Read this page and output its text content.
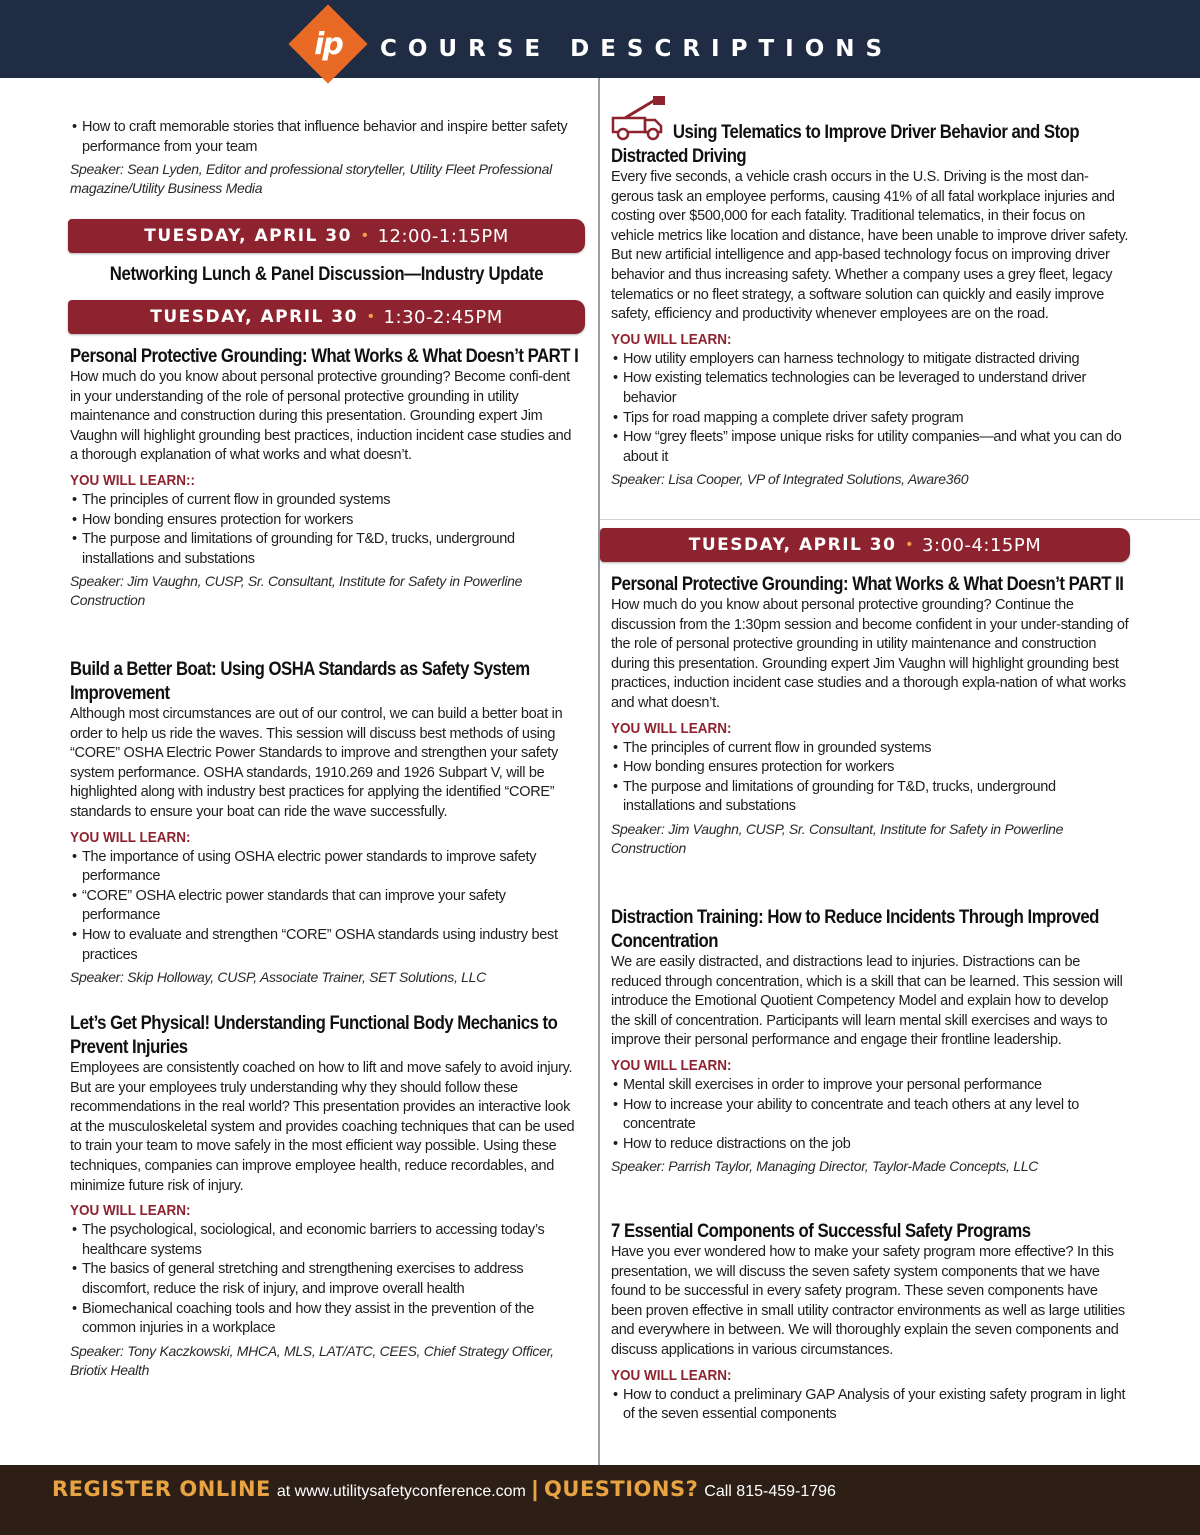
ip	COURSE DESCRIPTIONS
• How to craft memorable stories that influence behavior and inspire better safety performance from your team
Speaker: Sean Lyden, Editor and professional storyteller, Utility Fleet Professional magazine/Utility Business Media
TUESDAY, APRIL 30 • 12:00-1:15PM
Networking Lunch & Panel Discussion—Industry Update
TUESDAY, APRIL 30 • 1:30-2:45PM
Personal Protective Grounding: What Works & What Doesn’t PART I
How much do you know about personal protective grounding? Become confi-dent in your understanding of the role of personal protective grounding in utility maintenance and construction during this presentation. Grounding expert Jim Vaughn will highlight grounding best practices, induction incident case studies and a thorough explanation of what works and what doesn’t.
YOU WILL LEARN::
• The principles of current flow in grounded systems
• How bonding ensures protection for workers
• The purpose and limitations of grounding for T&D, trucks, underground installations and substations
Speaker: Jim Vaughn, CUSP, Sr. Consultant, Institute for Safety in Powerline Construction
Build a Better Boat: Using OSHA Standards as Safety System Improvement
Although most circumstances are out of our control, we can build a better boat in order to help us ride the waves. This session will discuss best methods of using “CORE” OSHA Electric Power Standards to improve and strengthen your safety system performance. OSHA standards, 1910.269 and 1926 Subpart V, will be highlighted along with industry best practices for applying the identified “CORE” standards to ensure your boat can ride the wave successfully.
YOU WILL LEARN:
• The importance of using OSHA electric power standards to improve safety performance
• “CORE” OSHA electric power standards that can improve your safety performance
• How to evaluate and strengthen “CORE” OSHA standards using industry best practices
Speaker: Skip Holloway, CUSP, Associate Trainer, SET Solutions, LLC
Let’s Get Physical! Understanding Functional Body Mechanics to Prevent Injuries
Employees are consistently coached on how to lift and move safely to avoid injury. But are your employees truly understanding why they should follow these recommendations in the real world? This presentation provides an interactive look at the musculoskeletal system and provides coaching techniques that can be used to train your team to move safely in the most efficient way possible. Using these techniques, companies can improve employee health, reduce recordables, and minimize future risk of injury.
YOU WILL LEARN:
• The psychological, sociological, and economic barriers to accessing today’s healthcare systems
• The basics of general stretching and strengthening exercises to address discomfort, reduce the risk of injury, and improve overall health
• Biomechanical coaching tools and how they assist in the prevention of the common injuries in a workplace
Speaker: Tony Kaczkowski, MHCA, MLS, LAT/ATC, CEES, Chief Strategy Officer, Briotix Health
Using Telematics to Improve Driver Behavior and Stop Distracted Driving
Every five seconds, a vehicle crash occurs in the U.S. Driving is the most dan-gerous task an employee performs, causing 41% of all fatal workplace injuries and costing over $500,000 for each fatality. Traditional telematics, in their focus on vehicle metrics like location and distance, have been unable to improve driver safety. But new artificial intelligence and app-based technology focus on improving driver behavior and thus increasing safety. Whether a company uses a grey fleet, legacy telematics or no fleet strategy, a software solution can quickly and easily improve safety, efficiency and productivity whenever employees are on the road.
YOU WILL LEARN:
• How utility employers can harness technology to mitigate distracted driving
• How existing telematics technologies can be leveraged to understand driver behavior
• Tips for road mapping a complete driver safety program
• How “grey fleets” impose unique risks for utility companies—and what you can do about it
Speaker: Lisa Cooper, VP of Integrated Solutions, Aware360
TUESDAY, APRIL 30 • 3:00-4:15PM
Personal Protective Grounding: What Works & What Doesn’t PART II
How much do you know about personal protective grounding? Continue the discussion from the 1:30pm session and become confident in your under-standing of the role of personal protective grounding in utility maintenance and construction during this presentation. Grounding expert Jim Vaughn will highlight grounding best practices, induction incident case studies and a thorough expla-nation of what works and what doesn’t.
YOU WILL LEARN:
• The principles of current flow in grounded systems
• How bonding ensures protection for workers
• The purpose and limitations of grounding for T&D, trucks, underground installations and substations
Speaker: Jim Vaughn, CUSP, Sr. Consultant, Institute for Safety in Powerline Construction
Distraction Training: How to Reduce Incidents Through Improved Concentration
We are easily distracted, and distractions lead to injuries. Distractions can be reduced through concentration, which is a skill that can be learned. This session will introduce the Emotional Quotient Competency Model and explain how to develop the skill of concentration. Participants will learn mental skill exercises and ways to improve their personal performance and engage their frontline leadership.
YOU WILL LEARN:
• Mental skill exercises in order to improve your personal performance
• How to increase your ability to concentrate and teach others at any level to concentrate
• How to reduce distractions on the job
Speaker: Parrish Taylor, Managing Director, Taylor-Made Concepts, LLC
7 Essential Components of Successful Safety Programs
Have you ever wondered how to make your safety program more effective? In this presentation, we will discuss the seven safety system components that we have found to be successful in every safety program. These seven components have been proven effective in small utility contractor environments as well as large utilities and everywhere in between. We will thoroughly explain the seven components and discuss applications in various circumstances.
YOU WILL LEARN:
• How to conduct a preliminary GAP Analysis of your existing safety program in light of the seven essential components
REGISTER ONLINE at www.utilitysafetyconference.com | QUESTIONS? Call 815-459-1796
